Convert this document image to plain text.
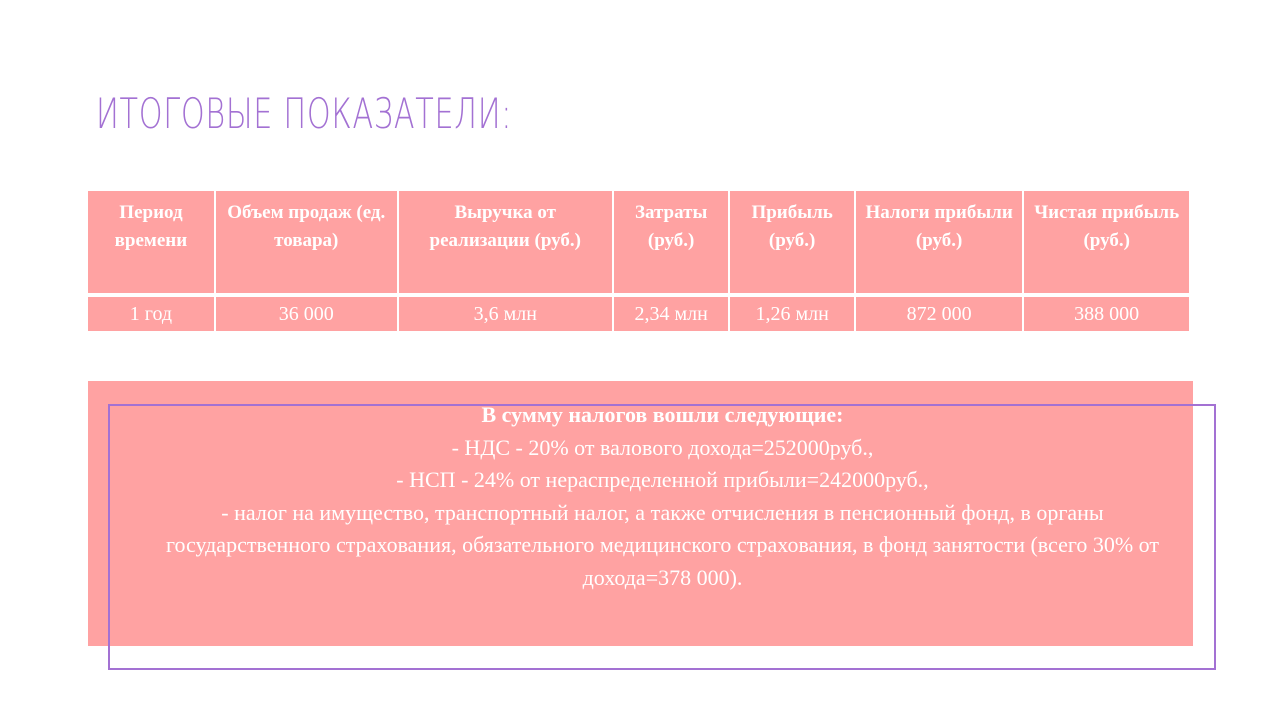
ИТОГОВЫЕ ПОКАЗАТЕЛИ:
Период времени	Объем продаж (ед. товара)	Выручка от реализации (руб.)	Затраты (руб.)	Прибыль (руб.)	Налоги прибыли (руб.)	Чистая прибыль (руб.)
1 год	36 000	3,6 млн	2,34 млн	1,26 млн	872 000	388 000
В сумму налогов вошли следующие:
- НДС - 20% от валового дохода=252000руб.,
- НСП - 24% от нераспределенной прибыли=242000руб.,
- налог на имущество, транспортный налог, а также отчисления в пенсионный фонд, в органы государственного страхования, обязательного медицинского страхования, в фонд занятости (всего 30% от дохода=378 000).
